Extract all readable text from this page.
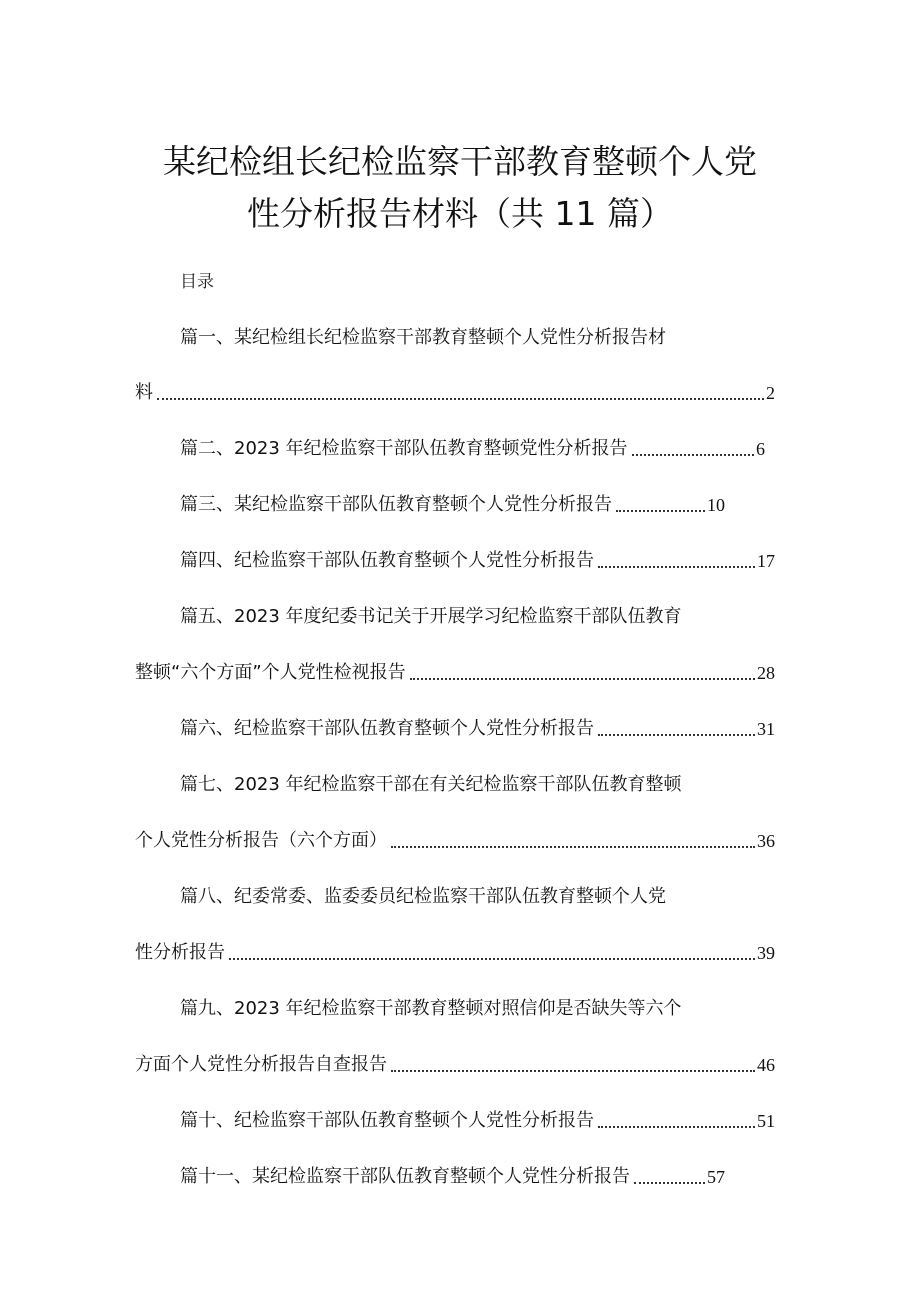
某纪检组长纪检监察干部教育整顿个人党
性分析报告材料（共 11 篇）
目录
篇一、某纪检组长纪检监察干部教育整顿个人党性分析报告材
料	2
篇二、2023 年纪检监察干部队伍教育整顿党性分析报告	6
篇三、某纪检监察干部队伍教育整顿个人党性分析报告	10
篇四、纪检监察干部队伍教育整顿个人党性分析报告	17
篇五、2023 年度纪委书记关于开展学习纪检监察干部队伍教育
整顿“六个方面”个人党性检视报告	28
篇六、纪检监察干部队伍教育整顿个人党性分析报告	31
篇七、2023 年纪检监察干部在有关纪检监察干部队伍教育整顿
个人党性分析报告（六个方面）	36
篇八、纪委常委、监委委员纪检监察干部队伍教育整顿个人党
性分析报告	39
篇九、2023 年纪检监察干部教育整顿对照信仰是否缺失等六个
方面个人党性分析报告自查报告	46
篇十、纪检监察干部队伍教育整顿个人党性分析报告	51
篇十一、某纪检监察干部队伍教育整顿个人党性分析报告	57
